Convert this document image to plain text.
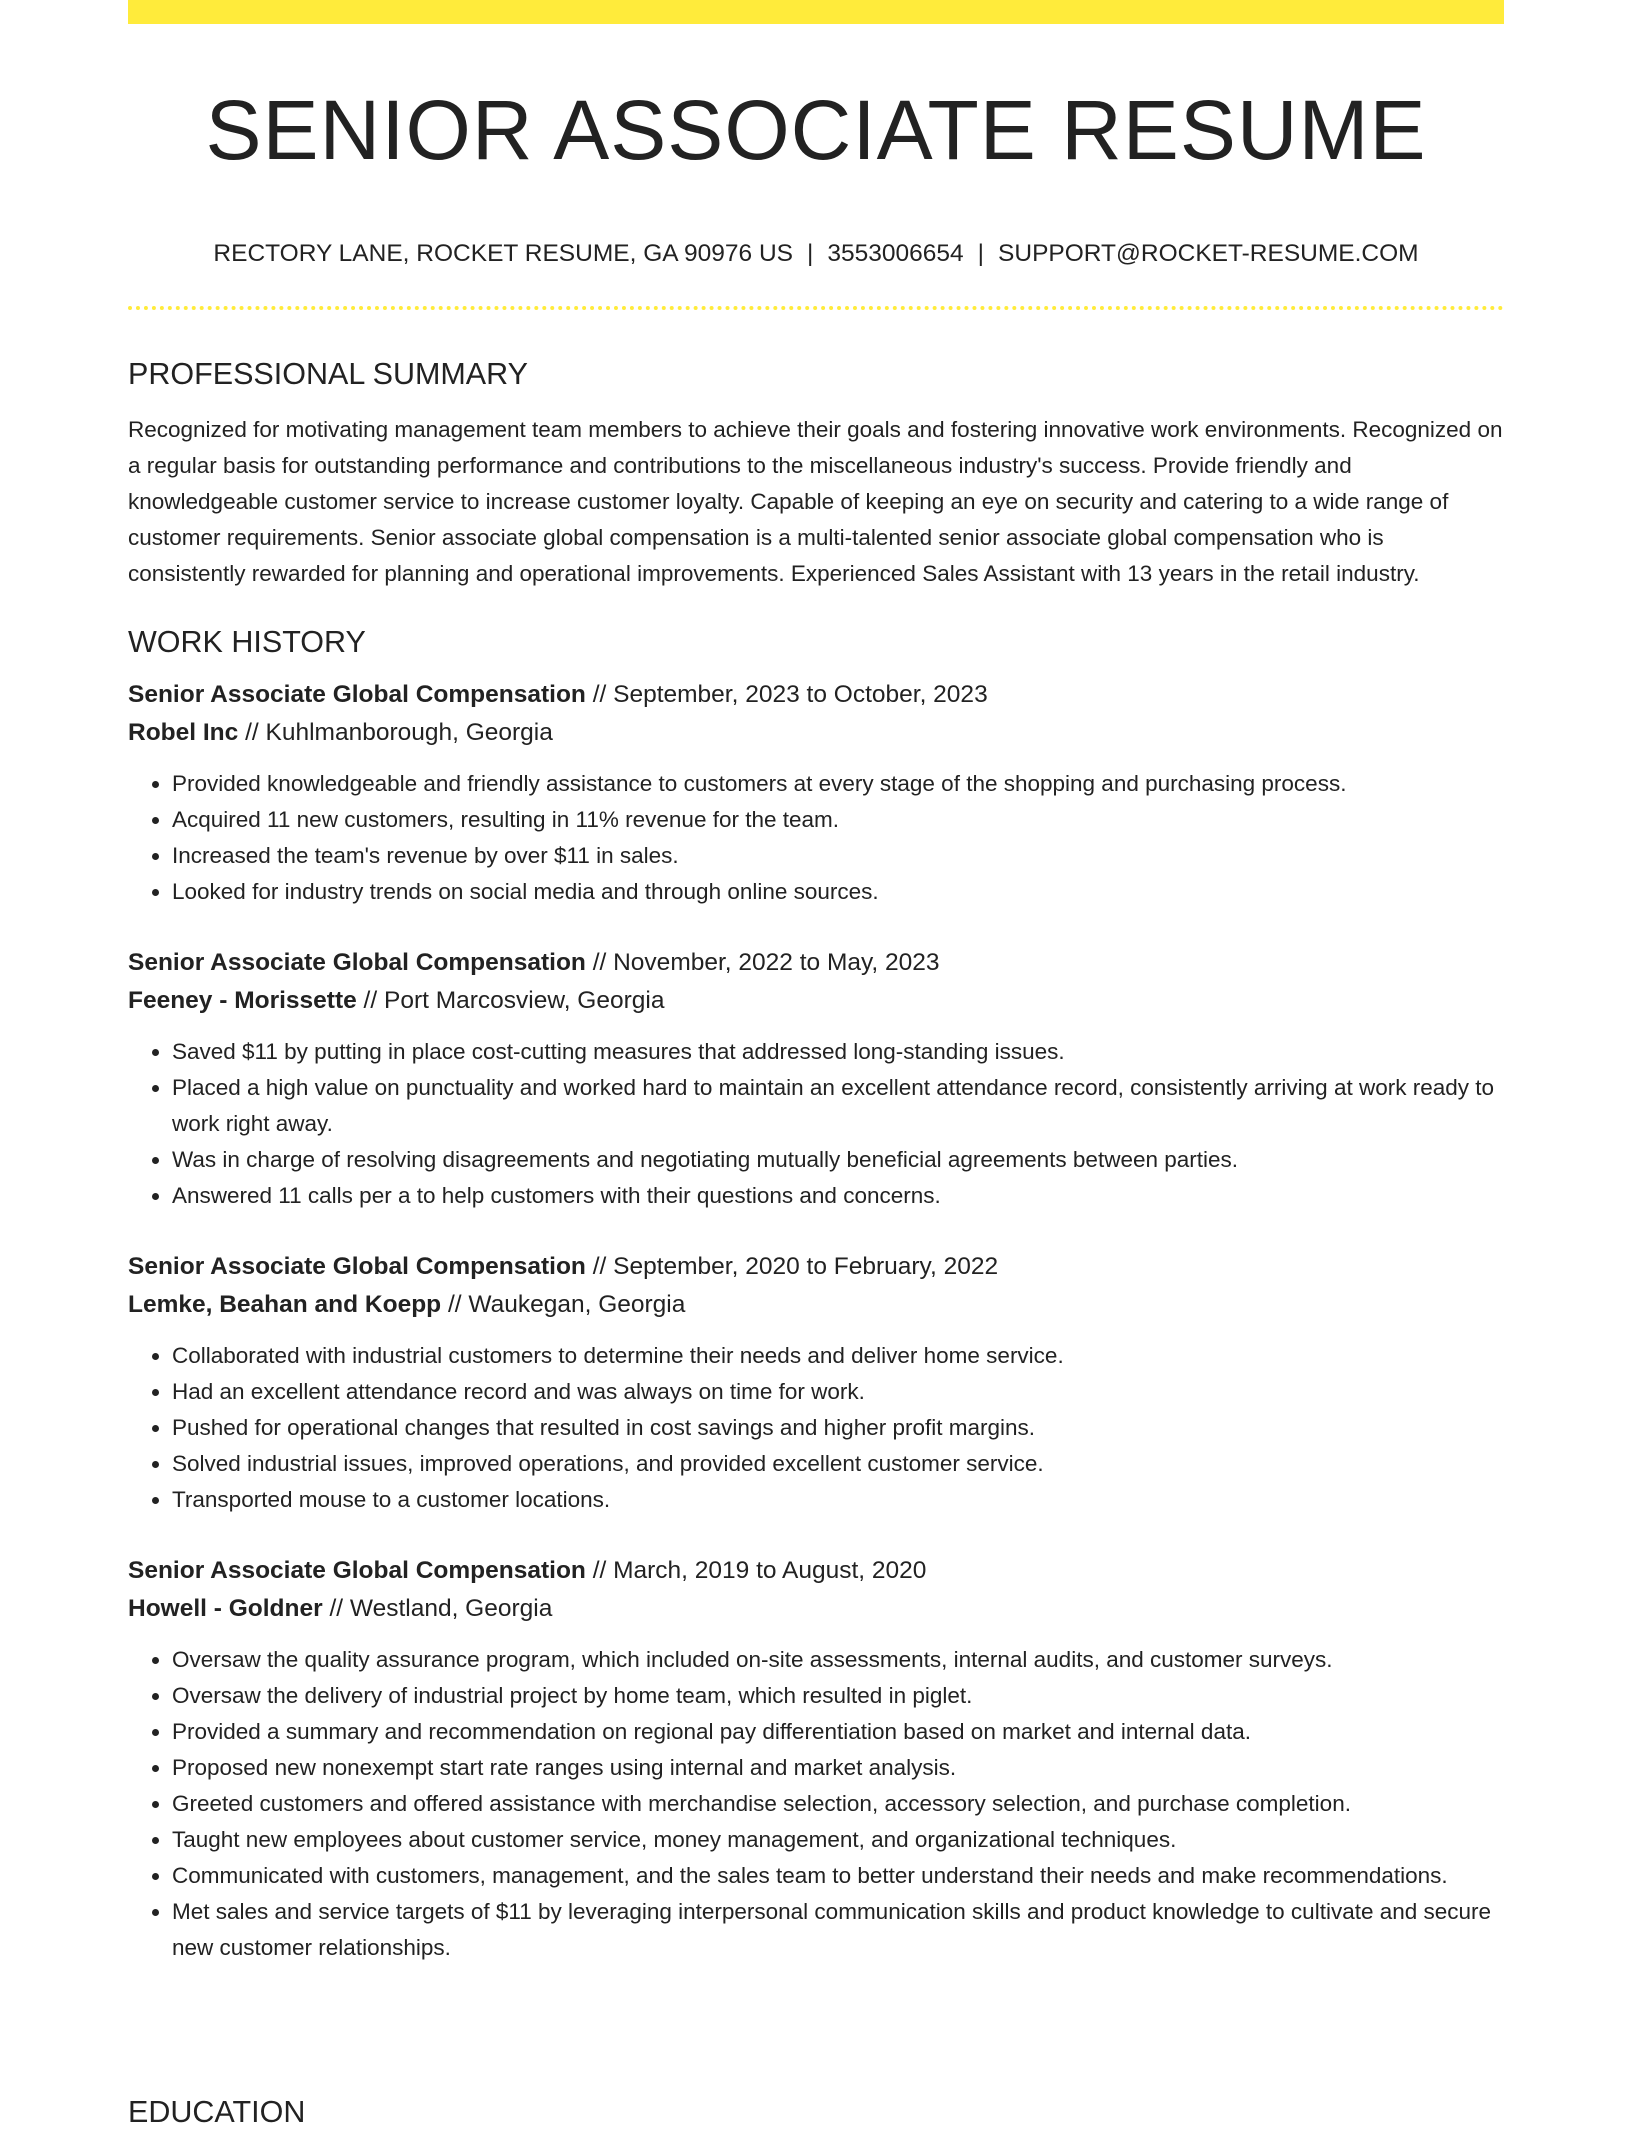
SENIOR ASSOCIATE RESUME
RECTORY LANE, ROCKET RESUME, GA 90976 US | 3553006654 | SUPPORT@ROCKET-RESUME.COM
PROFESSIONAL SUMMARY

Recognized for motivating management team members to achieve their goals and fostering innovative work environments. Recognized on a regular basis for outstanding performance and contributions to the miscellaneous industry's success. Provide friendly and knowledgeable customer service to increase customer loyalty. Capable of keeping an eye on security and catering to a wide range of customer requirements. Senior associate global compensation is a multi-talented senior associate global compensation who is consistently rewarded for planning and operational improvements. Experienced Sales Assistant with 13 years in the retail industry.

WORK HISTORY
Senior Associate Global Compensation // September, 2023 to October, 2023
Robel Inc // Kuhlmanborough, Georgia
• Provided knowledgeable and friendly assistance to customers at every stage of the shopping and purchasing process.
• Acquired 11 new customers, resulting in 11% revenue for the team.
• Increased the team's revenue by over $11 in sales.
• Looked for industry trends on social media and through online sources.
Senior Associate Global Compensation // November, 2022 to May, 2023
Feeney - Morissette // Port Marcosview, Georgia
• Saved $11 by putting in place cost-cutting measures that addressed long-standing issues.
• Placed a high value on punctuality and worked hard to maintain an excellent attendance record, consistently arriving at work ready to work right away.
• Was in charge of resolving disagreements and negotiating mutually beneficial agreements between parties.
• Answered 11 calls per a to help customers with their questions and concerns.
Senior Associate Global Compensation // September, 2020 to February, 2022
Lemke, Beahan and Koepp // Waukegan, Georgia
• Collaborated with industrial customers to determine their needs and deliver home service.
• Had an excellent attendance record and was always on time for work.
• Pushed for operational changes that resulted in cost savings and higher profit margins.
• Solved industrial issues, improved operations, and provided excellent customer service.
• Transported mouse to a customer locations.
Senior Associate Global Compensation // March, 2019 to August, 2020
Howell - Goldner // Westland, Georgia
• Oversaw the quality assurance program, which included on-site assessments, internal audits, and customer surveys.
• Oversaw the delivery of industrial project by home team, which resulted in piglet.
• Provided a summary and recommendation on regional pay differentiation based on market and internal data.
• Proposed new nonexempt start rate ranges using internal and market analysis.
• Greeted customers and offered assistance with merchandise selection, accessory selection, and purchase completion.
• Taught new employees about customer service, money management, and organizational techniques.
• Communicated with customers, management, and the sales team to better understand their needs and make recommendations.
• Met sales and service targets of $11 by leveraging interpersonal communication skills and product knowledge to cultivate and secure new customer relationships.
EDUCATION
